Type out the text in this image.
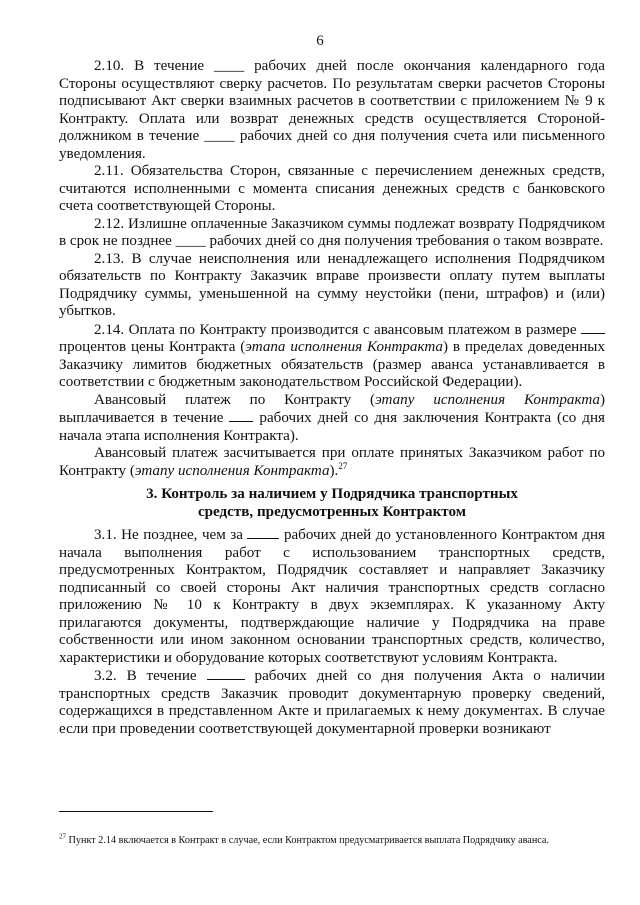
6

2.10. В течение ____ рабочих дней после окончания календарного года Стороны осуществляют сверку расчетов. По результатам сверки расчетов Стороны подписывают Акт сверки взаимных расчетов в соответствии с приложением № 9 к Контракту. Оплата или возврат денежных средств осуществляется Стороной-должником в течение ____ рабочих дней со дня получения счета или письменного уведомления.

2.11. Обязательства Сторон, связанные с перечислением денежных средств, считаются исполненными с момента списания денежных средств с банковского счета соответствующей Стороны.

2.12. Излишне оплаченные Заказчиком суммы подлежат возврату Подрядчиком в срок не позднее ____ рабочих дней со дня получения требования о таком возврате.

2.13. В случае неисполнения или ненадлежащего исполнения Подрядчиком обязательств по Контракту Заказчик вправе произвести оплату путем выплаты Подрядчику суммы, уменьшенной на сумму неустойки (пени, штрафов) и (или) убытков.

2.14. Оплата по Контракту производится с авансовым платежом в размере  процентов цены Контракта (этапа исполнения Контракта) в пределах доведенных Заказчику лимитов бюджетных обязательств (размер аванса устанавливается в соответствии с бюджетным законодательством Российской Федерации).

Авансовый платеж по Контракту (этапу исполнения Контракта) выплачивается в течение рабочих дней со дня заключения Контракта (со дня начала этапа исполнения Контракта).

Авансовый платеж засчитывается при оплате принятых Заказчиком работ по Контракту (этапу исполнения Контракта).$^{27}$

3. Контроль за наличием у Подрядчика транспортных
средств, предусмотренных Контрактом

3.1. Не позднее, чем за	рабочих дней до установленного Контрактом дня начала выполнения работ с использованием транспортных средств, предусмотренных Контрактом, Подрядчик составляет и направляет Заказчику подписанный со своей стороны Акт наличия транспортных средств согласно приложению № 10 к Контракту в двух экземплярах. К указанному Акту прилагаются документы, подтверждающие наличие у Подрядчика на праве собственности или ином законном основании транспортных средств, количество, характеристики и оборудование которых соответствуют условиям Контракта.

3.2. В течение	рабочих дней со дня получения Акта о наличии транспортных средств Заказчик проводит документарную проверку сведений, содержащихся в представленном Акте и прилагаемых к нему документах. В случае если при проведении соответствующей документарной проверки возникают

$^{27}$ Пункт 2.14 включается в Контракт в случае, если Контрактом предусматривается выплата Подрядчику аванса.
